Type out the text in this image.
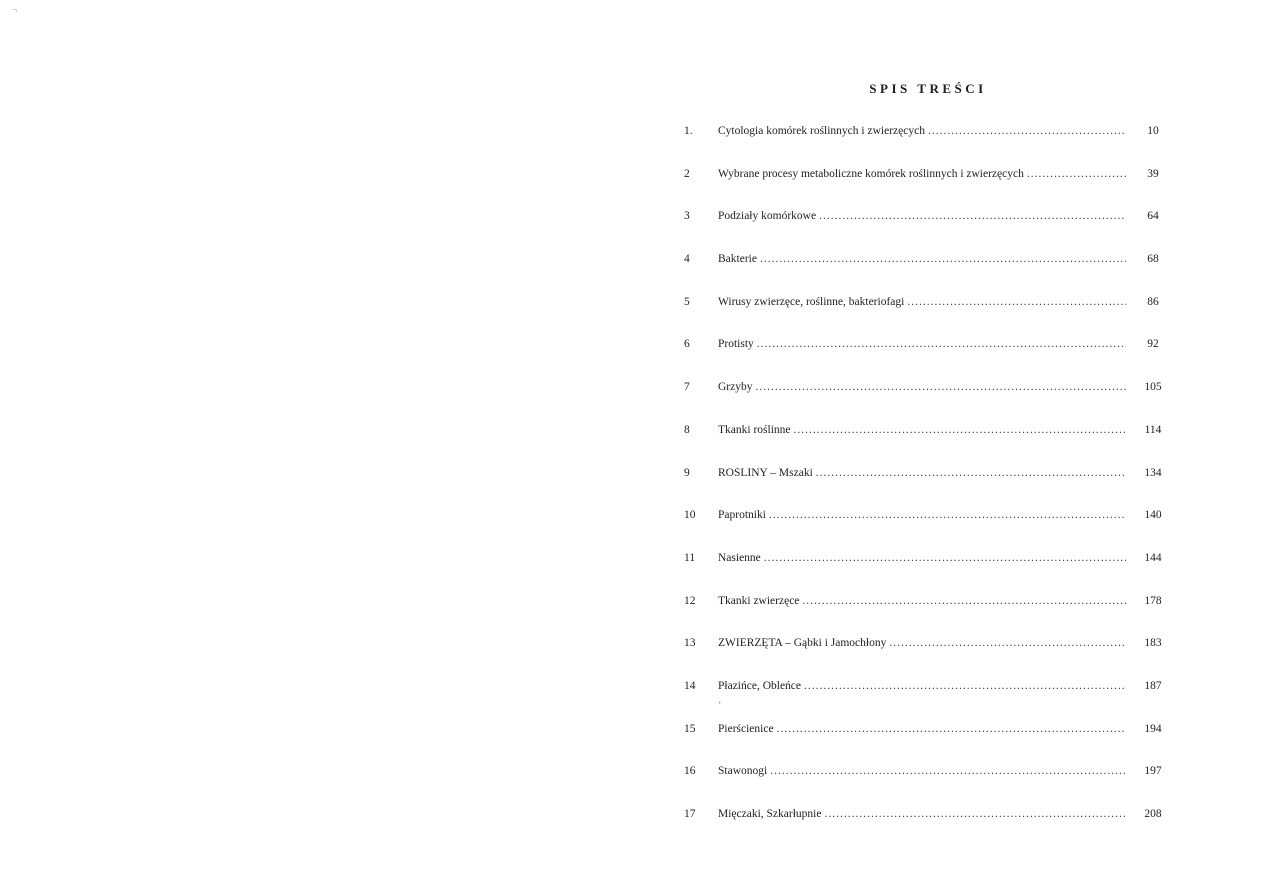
¬
SPIS TREŚCI
1.	Cytologia komórek roślinnych i zwierzęcych .....	10
2	Wybrane procesy metaboliczne komórek roślinnych i zwierzęcych .....	39
3	Podziały komórkowe .....	64
4	Bakterie .....	68
5	Wirusy zwierzęce, roślinne, bakteriofagi .....	86
6	Protisty .....	92
7	Grzyby .....	105
8	Tkanki roślinne .....	114
9	ROŚLINY – Mszaki .....	134
10	Paprotniki .....	140
11	Nasienne .....	144
12	Tkanki zwierzęce .....	178
13	ZWIERZĘTA – Gąbki i Jamochłony .....	183
14	Płazińce, Obleńce .....	187
15	Pierścienice .....	194
16	Stawonogi .....	197
17	Mięczaki, Szkarłupnie .....	208
'
